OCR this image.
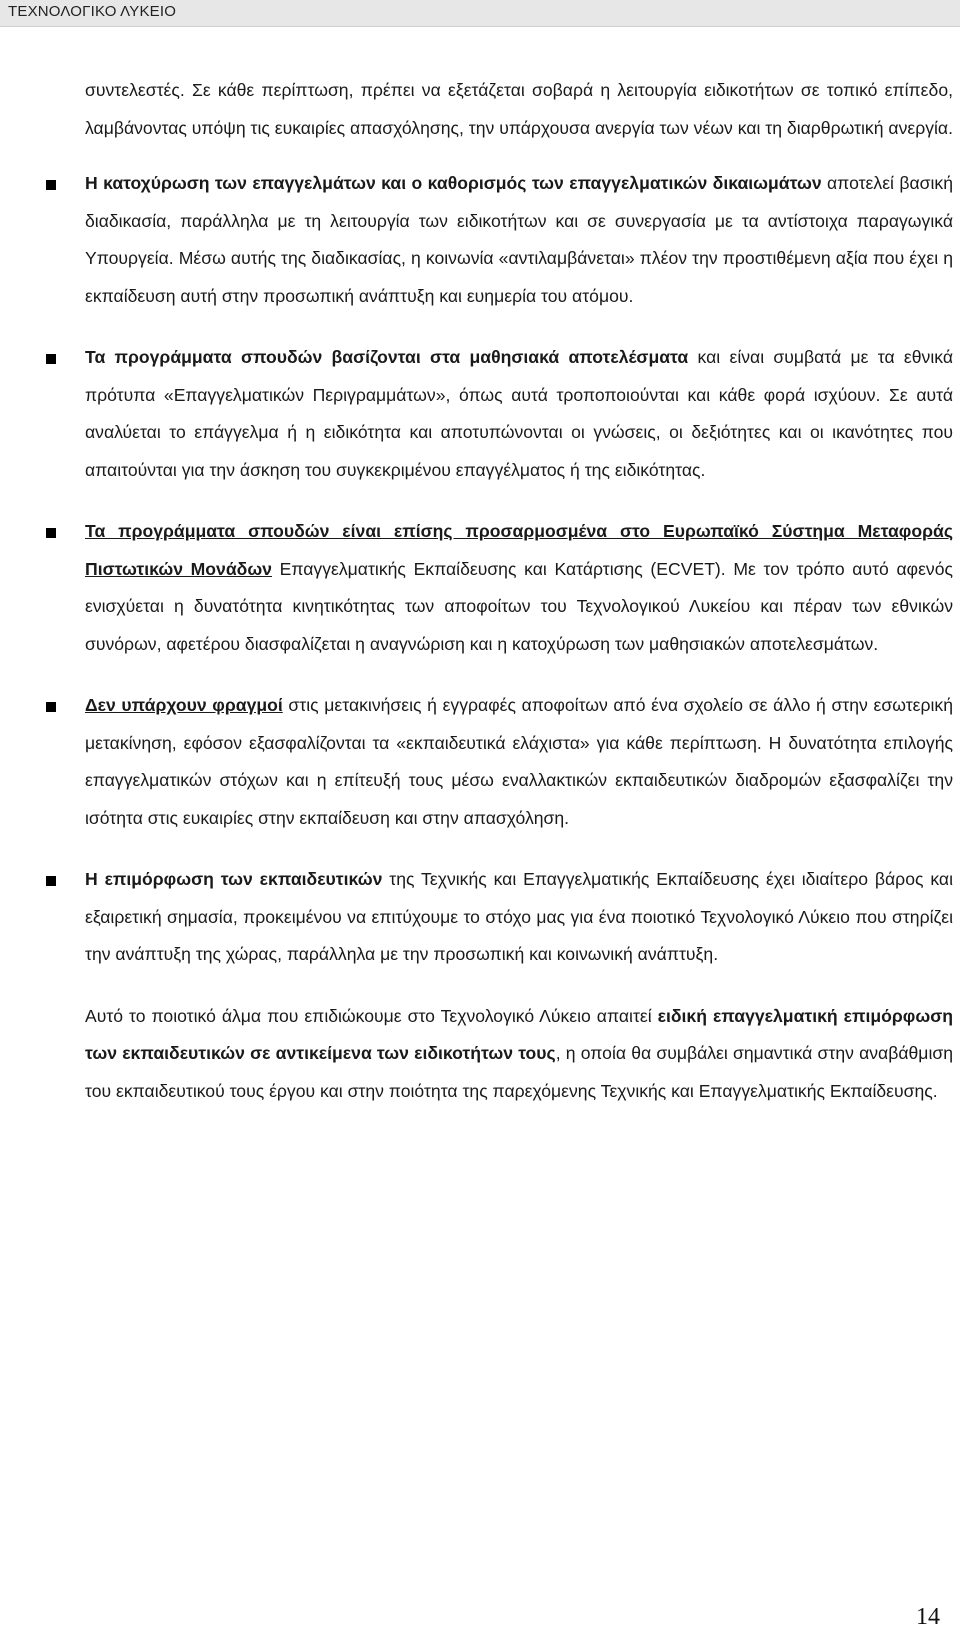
ΤΕΧΝΟΛΟΓΙΚΟ ΛΥΚΕΙΟ

συντελεστές. Σε κάθε περίπτωση, πρέπει να εξετάζεται σοβαρά η λειτουργία ειδικοτήτων σε τοπικό επίπεδο, λαμβάνοντας υπόψη τις ευκαιρίες απασχόλησης, την υπάρχουσα ανεργία των νέων και τη διαρθρωτική ανεργία.

Η κατοχύρωση των επαγγελμάτων και ο καθορισμός των επαγγελματικών δικαιωμάτων αποτελεί βασική διαδικασία, παράλληλα με τη λειτουργία των ειδικοτήτων και σε συνεργασία με τα αντίστοιχα παραγωγικά Υπουργεία. Μέσω αυτής της διαδικασίας, η κοινωνία «αντιλαμβάνεται» πλέον την προστιθέμενη αξία που έχει η εκπαίδευση αυτή στην προσωπική ανάπτυξη και ευημερία του ατόμου.

Τα προγράμματα σπουδών βασίζονται στα μαθησιακά αποτελέσματα και είναι συμβατά με τα εθνικά πρότυπα «Επαγγελματικών Περιγραμμάτων», όπως αυτά τροποποιούνται και κάθε φορά ισχύουν. Σε αυτά αναλύεται το επάγγελμα ή η ειδικότητα και αποτυπώνονται οι γνώσεις, οι δεξιότητες και οι ικανότητες που απαιτούνται για την άσκηση του συγκεκριμένου επαγγέλματος ή της ειδικότητας.

Τα προγράμματα σπουδών είναι επίσης προσαρμοσμένα στο Ευρωπαϊκό Σύστημα Μεταφοράς Πιστωτικών Μονάδων Επαγγελματικής Εκπαίδευσης και Κατάρτισης (ECVET). Με τον τρόπο αυτό αφενός ενισχύεται η δυνατότητα κινητικότητας των αποφοίτων του Τεχνολογικού Λυκείου και πέραν των εθνικών συνόρων, αφετέρου διασφαλίζεται η αναγνώριση και η κατοχύρωση των μαθησιακών αποτελεσμάτων.

Δεν υπάρχουν φραγμοί στις μετακινήσεις ή εγγραφές αποφοίτων από ένα σχολείο σε άλλο ή στην εσωτερική μετακίνηση, εφόσον εξασφαλίζονται τα «εκπαιδευτικά ελάχιστα» για κάθε περίπτωση. Η δυνατότητα επιλογής επαγγελματικών στόχων και η επίτευξή τους μέσω εναλλακτικών εκπαιδευτικών διαδρομών εξασφαλίζει την ισότητα στις ευκαιρίες στην εκπαίδευση και στην απασχόληση.

Η επιμόρφωση των εκπαιδευτικών της Τεχνικής και Επαγγελματικής Εκπαίδευσης έχει ιδιαίτερο βάρος και εξαιρετική σημασία, προκειμένου να επιτύχουμε το στόχο μας για ένα ποιοτικό Τεχνολογικό Λύκειο που στηρίζει την ανάπτυξη της χώρας, παράλληλα με την προσωπική και κοινωνική ανάπτυξη.

Αυτό το ποιοτικό άλμα που επιδιώκουμε στο Τεχνολογικό Λύκειο απαιτεί ειδική επαγγελματική επιμόρφωση των εκπαιδευτικών σε αντικείμενα των ειδικοτήτων τους, η οποία θα συμβάλει σημαντικά στην αναβάθμιση του εκπαιδευτικού τους έργου και στην ποιότητα της παρεχόμενης Τεχνικής και Επαγγελματικής Εκπαίδευσης.

14
